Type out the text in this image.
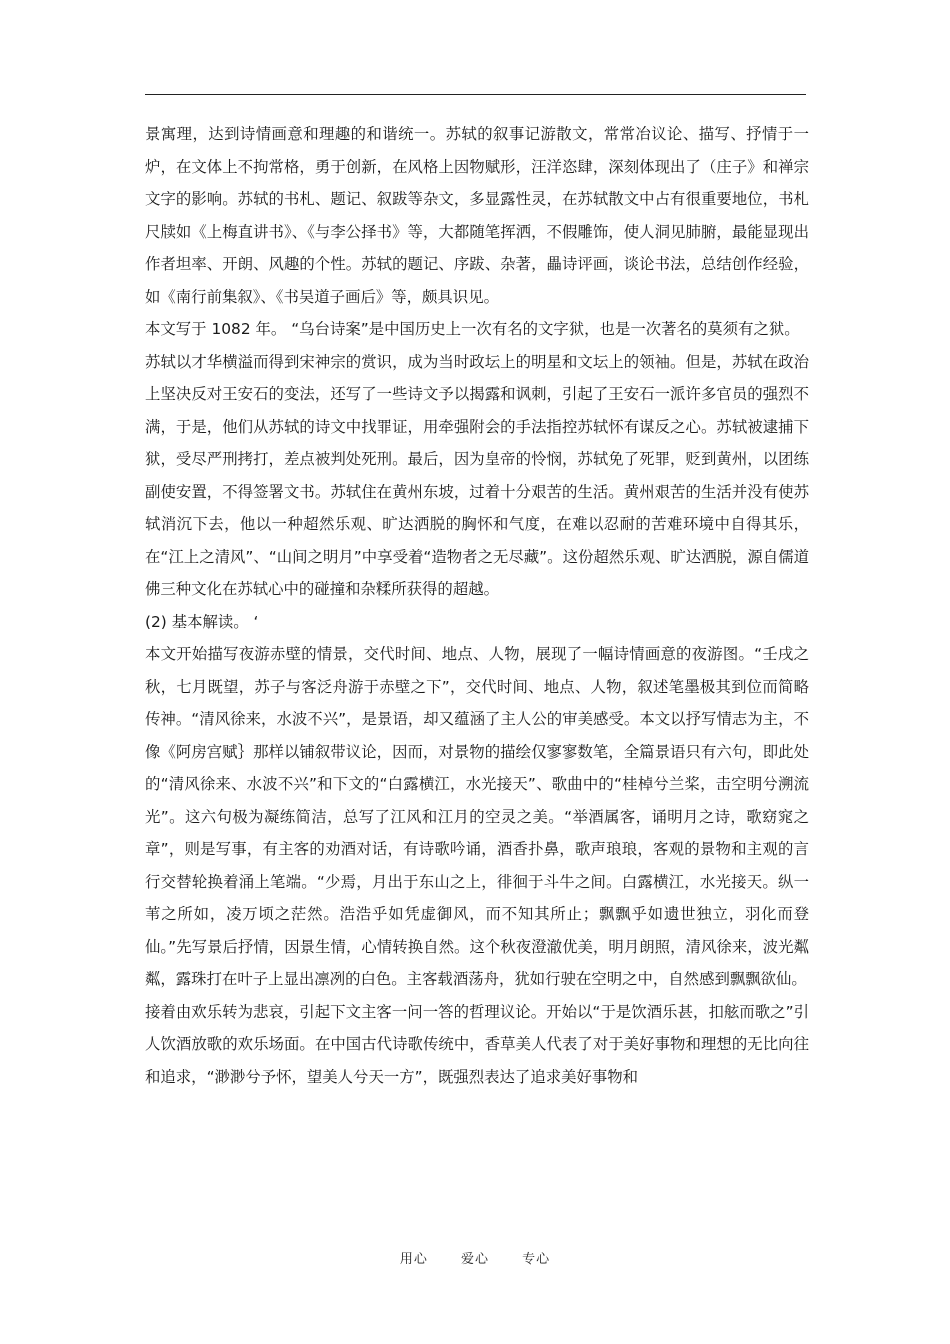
景寓理，达到诗情画意和理趣的和谐统一。苏轼的叙事记游散文，常常冶议论、描写、抒情于一炉，在文体上不拘常格，勇于创新，在风格上因物赋形，汪洋恣肆，深刻体现出了（庄子》和禅宗文字的影响。苏轼的书札、题记、叙跋等杂文，多显露性灵，在苏轼散文中占有很重要地位，书札尺牍如《上梅直讲书》、《与李公择书》等，大都随笔挥洒，不假雕饰，使人洞见肺腑，最能显现出作者坦率、开朗、风趣的个性。苏轼的题记、序跋、杂著，畾诗评画，谈论书法，总结创作经验，如《南行前集叙》、《书吴道子画后》等，颇具识见。

本文写于 1082 年。 “乌台诗案”是中国历史上一次有名的文字狱，也是一次著名的莫须有之狱。

苏轼以才华横溢而得到宋神宗的赏识，成为当时政坛上的明星和文坛上的领袖。但是，苏轼在政治上坚决反对王安石的变法，还写了一些诗文予以揭露和讽刺，引起了王安石一派许多官员的强烈不满，于是，他们从苏轼的诗文中找罪证，用牵强附会的手法指控苏轼怀有谋反之心。苏轼被逮捕下狱，受尽严刑拷打，差点被判处死刑。最后，因为皇帝的怜悯，苏轼免了死罪，贬到黄州，以团练副使安置，不得签署文书。苏轼住在黄州东坡，过着十分艰苦的生活。黄州艰苦的生活并没有使苏轼消沉下去，他以一种超然乐观、旷达洒脱的胸怀和气度，在难以忍耐的苦难环境中自得其乐，在“江上之清风”、“山间之明月”中享受着“造物者之无尽藏”。这份超然乐观、旷达洒脱，源自儒道佛三种文化在苏轼心中的碰撞和杂糅所获得的超越。

(2) 基本解读。 ‘

本文开始描写夜游赤壁的情景，交代时间、地点、人物，展现了一幅诗情画意的夜游图。“壬戌之秋，七月既望，苏子与客泛舟游于赤壁之下”，交代时间、地点、人物，叙述笔墨极其到位而简略传神。“清风徐来，水波不兴”，是景语，却又蕴涵了主人公的审美感受。本文以抒写情志为主，不像《阿房宫赋｝那样以铺叙带议论，因而，对景物的描绘仅寥寥数笔，全篇景语只有六句，即此处的“清风徐来、水波不兴”和下文的“白露横江，水光接天”、歌曲中的“桂棹兮兰桨，击空明兮溯流光”。这六句极为凝练简洁，总写了江风和江月的空灵之美。“举酒属客，诵明月之诗，歌窈窕之章”，则是写事，有主客的劝酒对话，有诗歌吟诵，酒香扑鼻，歌声琅琅，客观的景物和主观的言行交替轮换着涌上笔端。“少焉，月出于东山之上，徘徊于斗牛之间。白露横江，水光接天。纵一苇之所如，凌万顷之茫然。浩浩乎如凭虚御风，而不知其所止；飘飘乎如遗世独立，羽化而登仙。”先写景后抒情，因景生情，心情转换自然。这个秋夜澄澈优美，明月朗照，清风徐来，波光粼粼，露珠打在叶子上显出凛冽的白色。主客载酒荡舟，犹如行驶在空明之中，自然感到飘飘欲仙。

接着由欢乐转为悲哀，引起下文主客一问一答的哲理议论。开始以“于是饮酒乐甚，扣舷而歌之”引人饮酒放歌的欢乐场面。在中国古代诗歌传统中，香草美人代表了对于美好事物和理想的无比向往和追求，“渺渺兮予怀，望美人兮天一方”，既强烈表达了追求美好事物和

用心	爱心	专心
